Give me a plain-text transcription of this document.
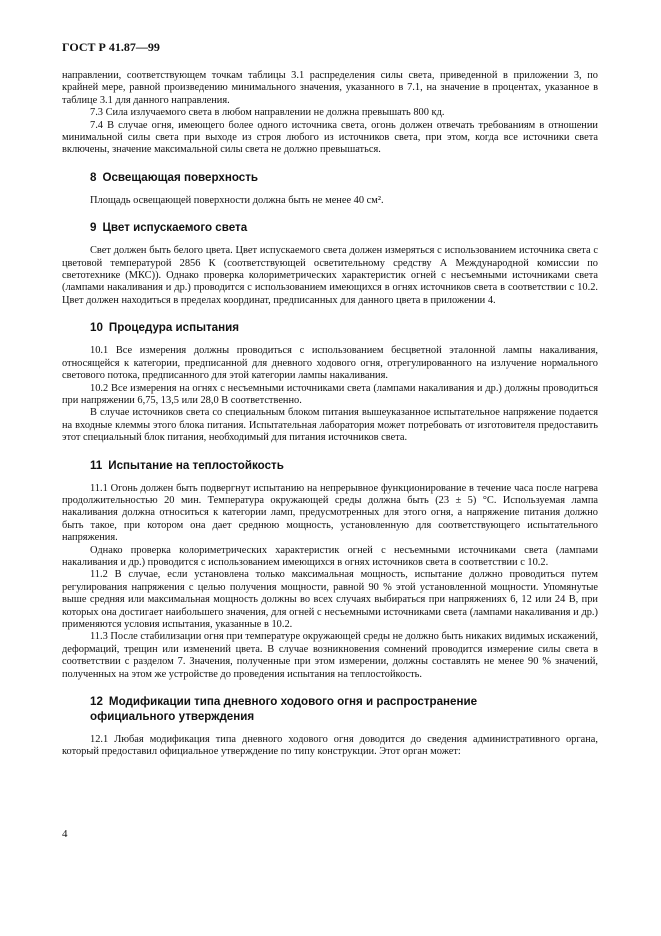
ГОСТ Р 41.87—99

направлении, соответствующем точкам таблицы 3.1 распределения силы света, приведенной в приложении 3, по крайней мере, равной произведению минимального значения, указанного в 7.1, на значение в процентах, указанное в таблице 3.1 для данного направления.

7.3 Сила излучаемого света в любом направлении не должна превышать 800 кд.

7.4 В случае огня, имеющего более одного источника света, огонь должен отвечать требованиям в отношении минимальной силы света при выходе из строя любого из источников света, при этом, когда все источники света включены, значение максимальной силы света не должно превышаться.

8 Освещающая поверхность

Площадь освещающей поверхности должна быть не менее 40 см².

9 Цвет испускаемого света

Свет должен быть белого цвета. Цвет испускаемого света должен измеряться с использованием источника света с цветовой температурой 2856 К (соответствующей осветительному средству А Международной комиссии по светотехнике (МКС)). Однако проверка колориметрических характеристик огней с несъемными источниками света (лампами накаливания и др.) проводится с использованием имеющихся в огнях источников света в соответствии с 10.2. Цвет должен находиться в пределах координат, предписанных для данного цвета в приложении 4.

10 Процедура испытания

10.1 Все измерения должны проводиться с использованием бесцветной эталонной лампы накаливания, относящейся к категории, предписанной для дневного ходового огня, отрегулированного на излучение нормального светового потока, предписанного для этой категории лампы накаливания.

10.2 Все измерения на огнях с несъемными источниками света (лампами накаливания и др.) должны проводиться при напряжении 6,75, 13,5 или 28,0 В соответственно.

В случае источников света со специальным блоком питания вышеуказанное испытательное напряжение подается на входные клеммы этого блока питания. Испытательная лаборатория может потребовать от изготовителя предоставить этот специальный блок питания, необходимый для питания источников света.

11 Испытание на теплостойкость

11.1 Огонь должен быть подвергнут испытанию на непрерывное функционирование в течение часа после нагрева продолжительностью 20 мин. Температура окружающей среды должна быть (23 ± 5) °С. Используемая лампа накаливания должна относиться к категории ламп, предусмотренных для этого огня, а напряжение питания должно быть такое, при котором она дает среднюю мощность, установленную для соответствующего испытательного напряжения.

Однако проверка колориметрических характеристик огней с несъемными источниками света (лампами накаливания и др.) проводится с использованием имеющихся в огнях источников света в соответствии с 10.2.

11.2 В случае, если установлена только максимальная мощность, испытание должно проводиться путем регулирования напряжения с целью получения мощности, равной 90 % этой установленной мощности. Упомянутые выше средняя или максимальная мощность должны во всех случаях выбираться при напряжениях 6, 12 или 24 В, при которых она достигает наибольшего значения, для огней с несъемными источниками света (лампами накаливания и др.) применяются условия испытания, указанные в 10.2.

11.3 После стабилизации огня при температуре окружающей среды не должно быть никаких видимых искажений, деформаций, трещин или изменений цвета. В случае возникновения сомнений проводится измерение силы света в соответствии с разделом 7. Значения, полученные при этом измерении, должны составлять не менее 90 % значений, полученных на этом же устройстве до проведения испытания на теплостойкость.

12 Модификации типа дневного ходового огня и распространение
официального утверждения

12.1 Любая модификация типа дневного ходового огня доводится до сведения административного органа, который предоставил официальное утверждение по типу конструкции. Этот орган может:

4
